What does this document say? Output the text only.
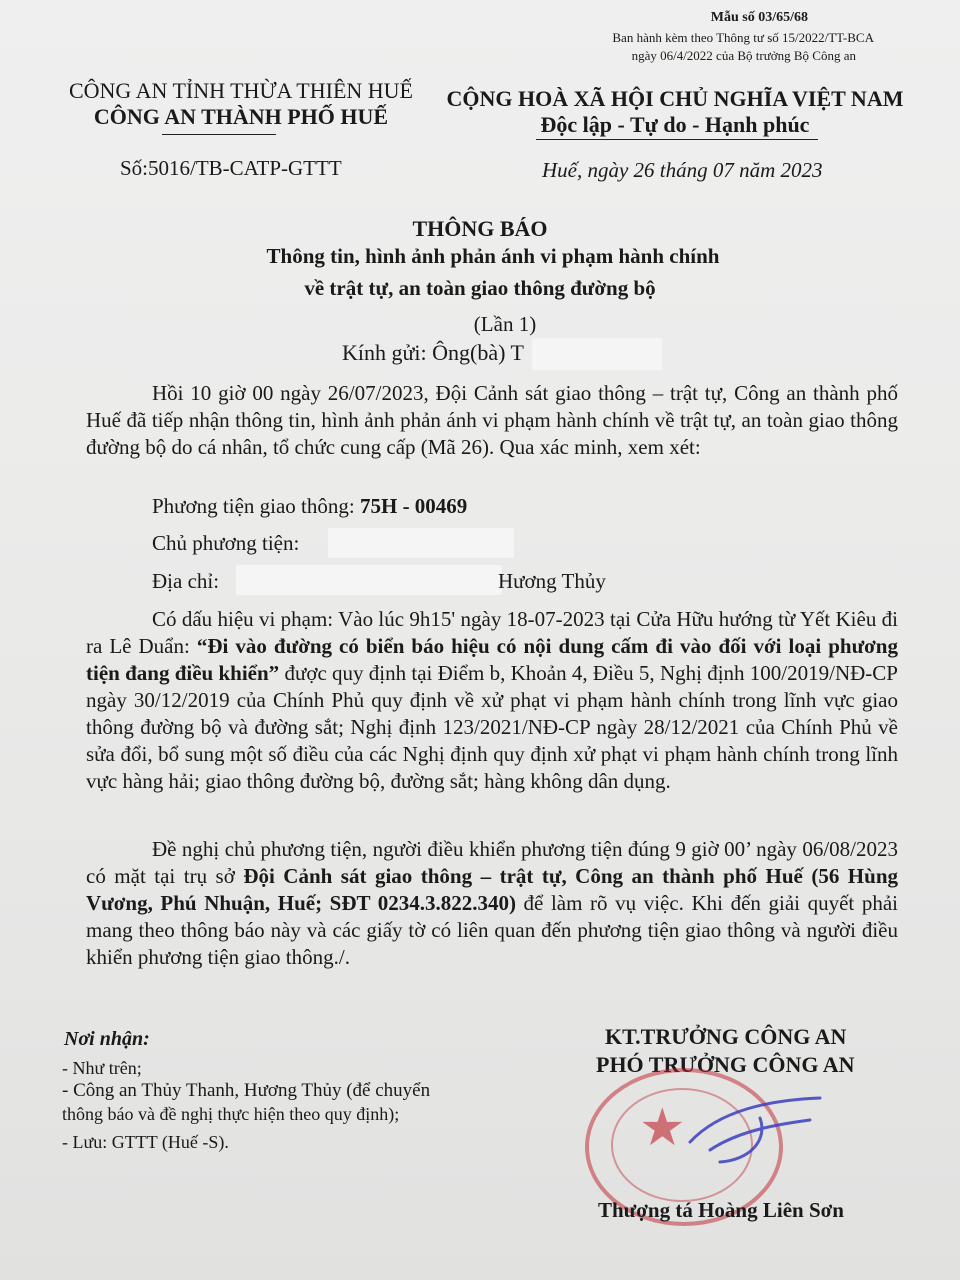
Mẫu số 03/65/68
Ban hành kèm theo Thông tư số 15/2022/TT-BCA
ngày 06/4/2022 của Bộ trưởng Bộ Công an
CÔNG AN TỈNH THỪA THIÊN HUẾ
CÔNG AN THÀNH PHỐ HUẾ
Số:5016/TB-CATP-GTTT
CỘNG HOÀ XÃ HỘI CHỦ NGHĨA VIỆT NAM
Độc lập - Tự do - Hạnh phúc
Huế, ngày 26 tháng 07 năm 2023
THÔNG BÁO
Thông tin, hình ảnh phản ánh vi phạm hành chính
về trật tự, an toàn giao thông đường bộ
(Lần 1)
Kính gửi: Ông(bà) T

Hồi 10 giờ 00 ngày 26/07/2023, Đội Cảnh sát giao thông – trật tự, Công an thành phố Huế đã tiếp nhận thông tin, hình ảnh phản ánh vi phạm hành chính về trật tự, an toàn giao thông đường bộ do cá nhân, tổ chức cung cấp (Mã 26). Qua xác minh, xem xét:

Phương tiện giao thông: 75H - 00469
Chủ phương tiện:
Địa chỉ:	Hương Thủy

Có dấu hiệu vi phạm: Vào lúc 9h15' ngày 18-07-2023 tại Cửa Hữu hướng từ Yết Kiêu đi ra Lê Duẩn: “Đi vào đường có biển báo hiệu có nội dung cấm đi vào đối với loại phương tiện đang điều khiển” được quy định tại Điểm b, Khoản 4, Điều 5, Nghị định 100/2019/NĐ-CP ngày 30/12/2019 của Chính Phủ quy định về xử phạt vi phạm hành chính trong lĩnh vực giao thông đường bộ và đường sắt; Nghị định 123/2021/NĐ-CP ngày 28/12/2021 của Chính Phủ về sửa đổi, bổ sung một số điều của các Nghị định quy định xử phạt vi phạm hành chính trong lĩnh vực hàng hải; giao thông đường bộ, đường sắt; hàng không dân dụng.

Đề nghị chủ phương tiện, người điều khiển phương tiện đúng 9 giờ 00’ ngày 06/08/2023 có mặt tại trụ sở Đội Cảnh sát giao thông – trật tự, Công an thành phố Huế (56 Hùng Vương, Phú Nhuận, Huế; SĐT 0234.3.822.340) để làm rõ vụ việc. Khi đến giải quyết phải mang theo thông báo này và các giấy tờ có liên quan đến phương tiện giao thông và người điều khiển phương tiện giao thông./.

Nơi nhận:
- Như trên;
- Công an Thủy Thanh, Hương Thủy (để chuyển
thông báo và đề nghị thực hiện theo quy định);
- Lưu: GTTT (Huế -S).
KT.TRƯỞNG CÔNG AN
PHÓ TRƯỞNG CÔNG AN
★
Thượng tá Hoàng Liên Sơn
